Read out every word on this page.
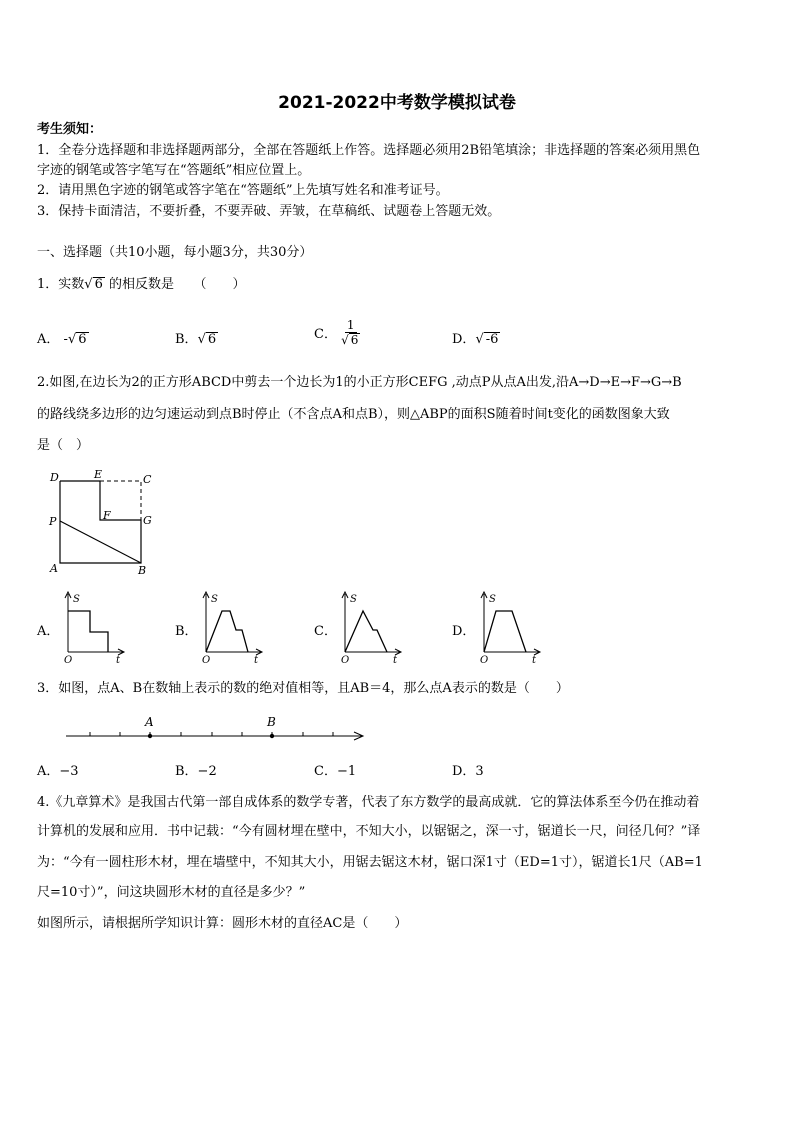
2021-2022中考数学模拟试卷
考生须知：
1．全卷分选择题和非选择题两部分，全部在答题纸上作答。选择题必须用2B铅笔填涂；非选择题的答案必须用黑色
字迹的钢笔或答字笔写在“答题纸”相应位置上。
2．请用黑色字迹的钢笔或答字笔在“答题纸”上先填写姓名和准考证号。
3．保持卡面清洁，不要折叠，不要弄破、弄皱，在草稿纸、试题卷上答题无效。
一、选择题（共10小题，每小题3分，共30分）
1．实数√ 6 的相反数是　　（　　）
A． -√ 6	B．√ 6	C． $\frac{1}{√ 6}$	D．√ -6
2.如图,在边长为2的正方形ABCD中剪去一个边长为1的小正方形CEFG ,动点P从点A出发,沿A→D→E→F→G→B
的路线绕多边形的边匀速运动到点B时停止（不含点A和点B），则△ABP的面积S随着时间t变化的函数图象大致
是（　）
D	E	C
P	F	G
A	B
A．
S
O	t
B．
S
O	t
C．
S
O	t
D．
S
O	t
3．如图，点A、B在数轴上表示的数的绝对值相等，且AB＝4，那么点A表示的数是（　　）
A	B
A．−3	B．−2	C．−1	D．3
4.《九章算术》是我国古代第一部自成体系的数学专著，代表了东方数学的最高成就．它的算法体系至今仍在推动着
计算机的发展和应用．书中记载：“今有圆材埋在壁中，不知大小，以锯锯之，深一寸，锯道长一尺，问径几何？”译
为：“今有一圆柱形木材，埋在墙壁中，不知其大小，用锯去锯这木材，锯口深1寸（ED=1寸），锯道长1尺（AB=1
尺=10寸）”，问这块圆形木材的直径是多少？”
如图所示，请根据所学知识计算：圆形木材的直径AC是（　　）
